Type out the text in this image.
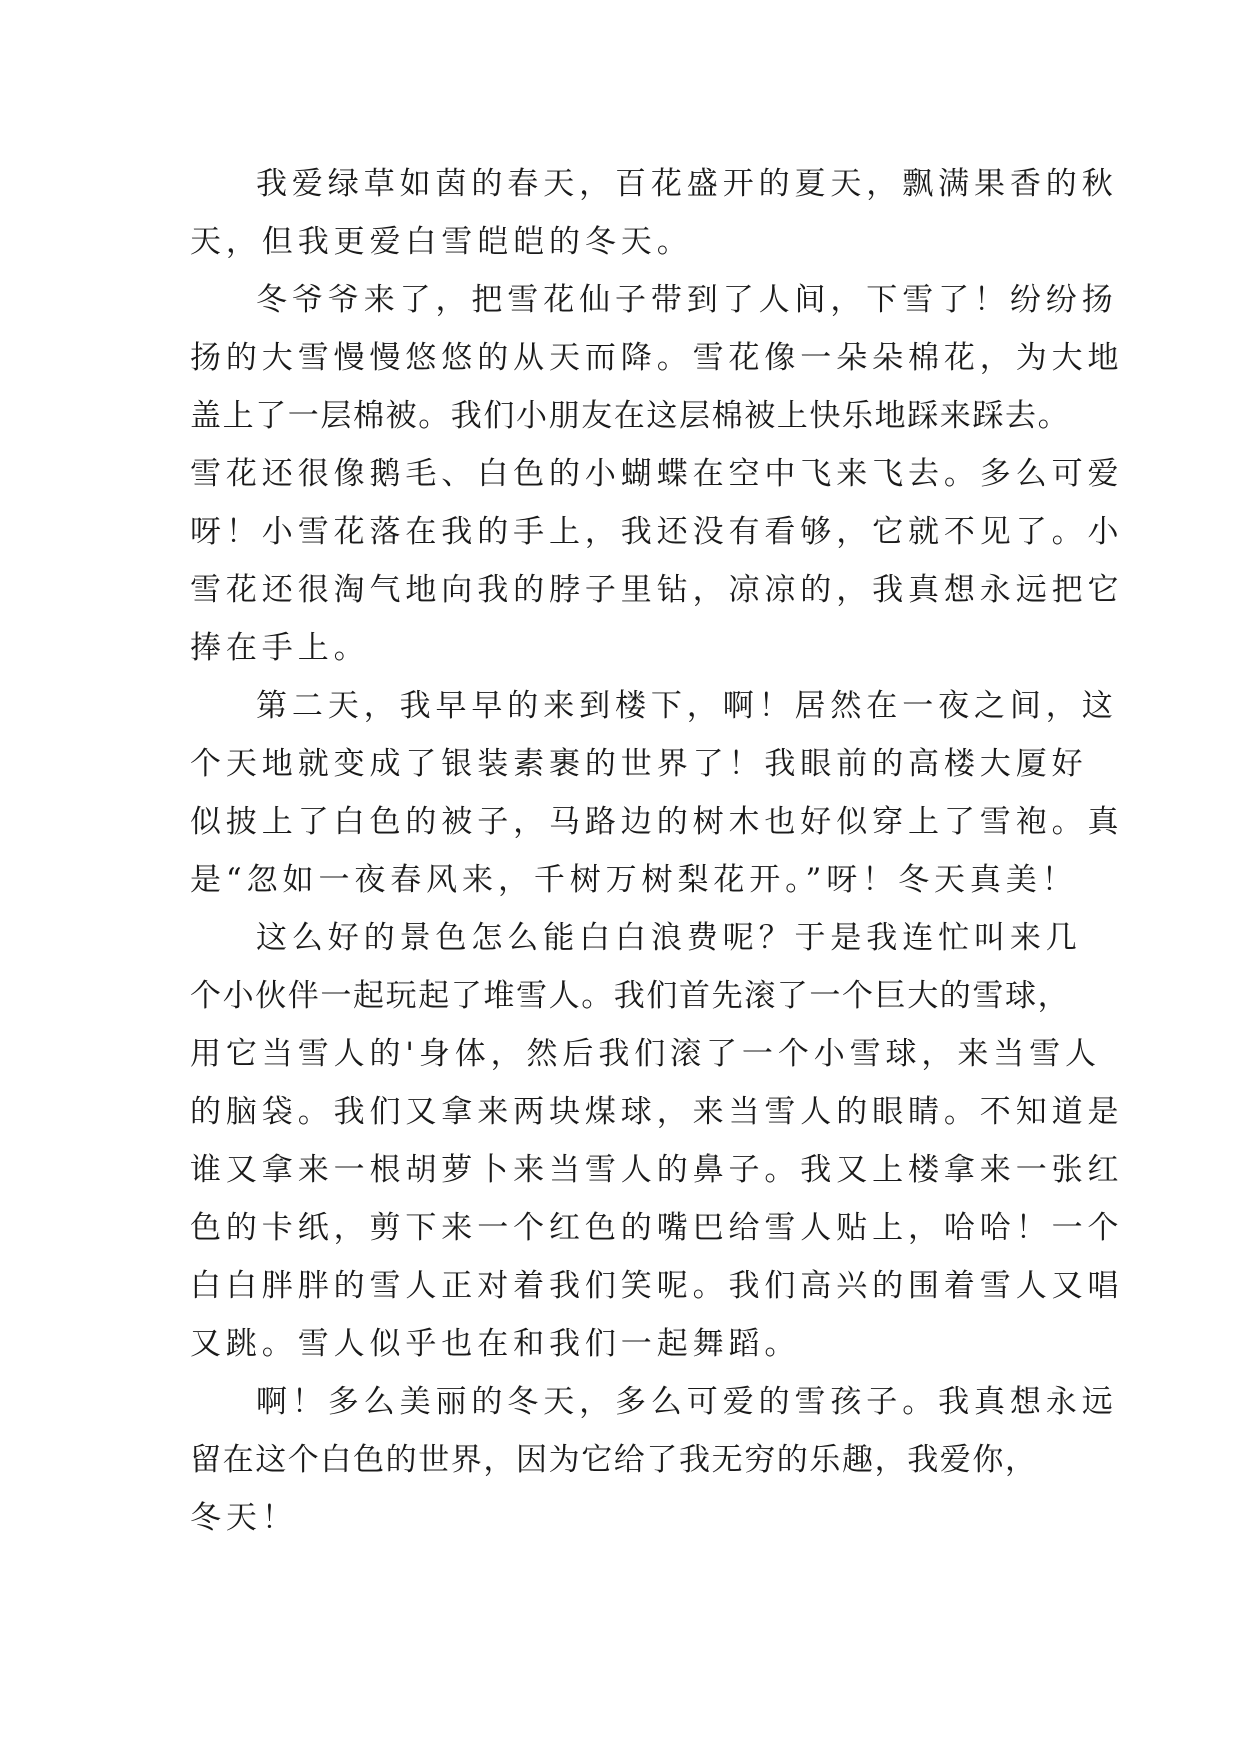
我爱绿草如茵的春天，百花盛开的夏天，飘满果香的秋
天，但我更爱白雪皑皑的冬天。

冬爷爷来了，把雪花仙子带到了人间，下雪了！纷纷扬
扬的大雪慢慢悠悠的从天而降。雪花像一朵朵棉花，为大地
盖上了一层棉被。我们小朋友在这层棉被上快乐地踩来踩去。
雪花还很像鹅毛、白色的小蝴蝶在空中飞来飞去。多么可爱
呀！小雪花落在我的手上，我还没有看够，它就不见了。小
雪花还很淘气地向我的脖子里钻，凉凉的，我真想永远把它
捧在手上。

第二天，我早早的来到楼下，啊！居然在一夜之间，这
个天地就变成了银装素裹的世界了！我眼前的高楼大厦好
似披上了白色的被子，马路边的树木也好似穿上了雪袍。真
是“忽如一夜春风来，千树万树梨花开。”呀！冬天真美！

这么好的景色怎么能白白浪费呢？于是我连忙叫来几
个小伙伴一起玩起了堆雪人。我们首先滚了一个巨大的雪球，
用它当雪人的'身体，然后我们滚了一个小雪球，来当雪人
的脑袋。我们又拿来两块煤球，来当雪人的眼睛。不知道是
谁又拿来一根胡萝卜来当雪人的鼻子。我又上楼拿来一张红
色的卡纸，剪下来一个红色的嘴巴给雪人贴上，哈哈！一个
白白胖胖的雪人正对着我们笑呢。我们高兴的围着雪人又唱
又跳。雪人似乎也在和我们一起舞蹈。

啊！多么美丽的冬天，多么可爱的雪孩子。我真想永远
留在这个白色的世界，因为它给了我无穷的乐趣，我爱你，
冬天！
